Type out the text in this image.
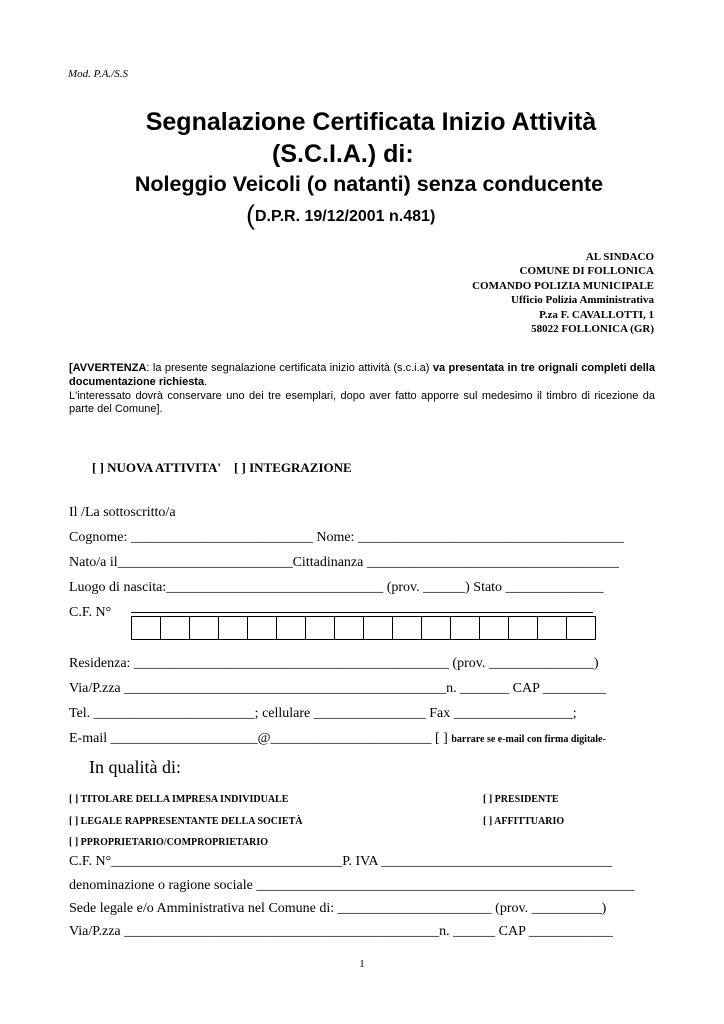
Mod. P.A./S.S
Segnalazione Certificata Inizio Attività
(S.C.I.A.) di:
Noleggio Veicoli (o natanti) senza conducente
(D.P.R. 19/12/2001 n.481)
AL SINDACO
COMUNE DI FOLLONICA
COMANDO POLIZIA MUNICIPALE
Ufficio Polizia Amministrativa
P.za F. CAVALLOTTI, 1
58022 FOLLONICA (GR)
[AVVERTENZA: la presente segnalazione certificata inizio attività (s.c.i.a) va presentata in tre orignali completi della documentazione richiesta.
L'interessato dovrà conservare uno dei tre esemplari, dopo aver fatto apporre sul medesimo il timbro di ricezione da parte del Comune].
[ ] NUOVA ATTIVITA' [ ] INTEGRAZIONE
Il /La sottoscritto/a
Cognome: __________________________ Nome: ______________________________________
Nato/a il_________________________Cittadinanza ____________________________________
Luogo di nascita:_______________________________ (prov. ______) Stato ______________
C.F. N°
Residenza: _____________________________________________ (prov. _______________)
Via/P.zza ______________________________________________n. _______ CAP _________
Tel. _______________________; cellulare ________________ Fax _________________;
E-mail _____________________@_______________________ [ ] barrare se e-mail con firma digitale-
In qualità di:
[ ] TITOLARE DELLA IMPRESA INDIVIDUALE	[ ] PRESIDENTE
[ ] LEGALE RAPPRESENTANTE DELLA SOCIETÀ	[ ] AFFITTUARIO
[ ] PPROPRIETARIO/COMPROPRIETARIO
C.F. N°_________________________________P. IVA _________________________________
denominazione o ragione sociale ______________________________________________________
Sede legale e/o Amministrativa nel Comune di: ______________________ (prov. __________)
Via/P.zza _____________________________________________n. ______ CAP ____________
1
